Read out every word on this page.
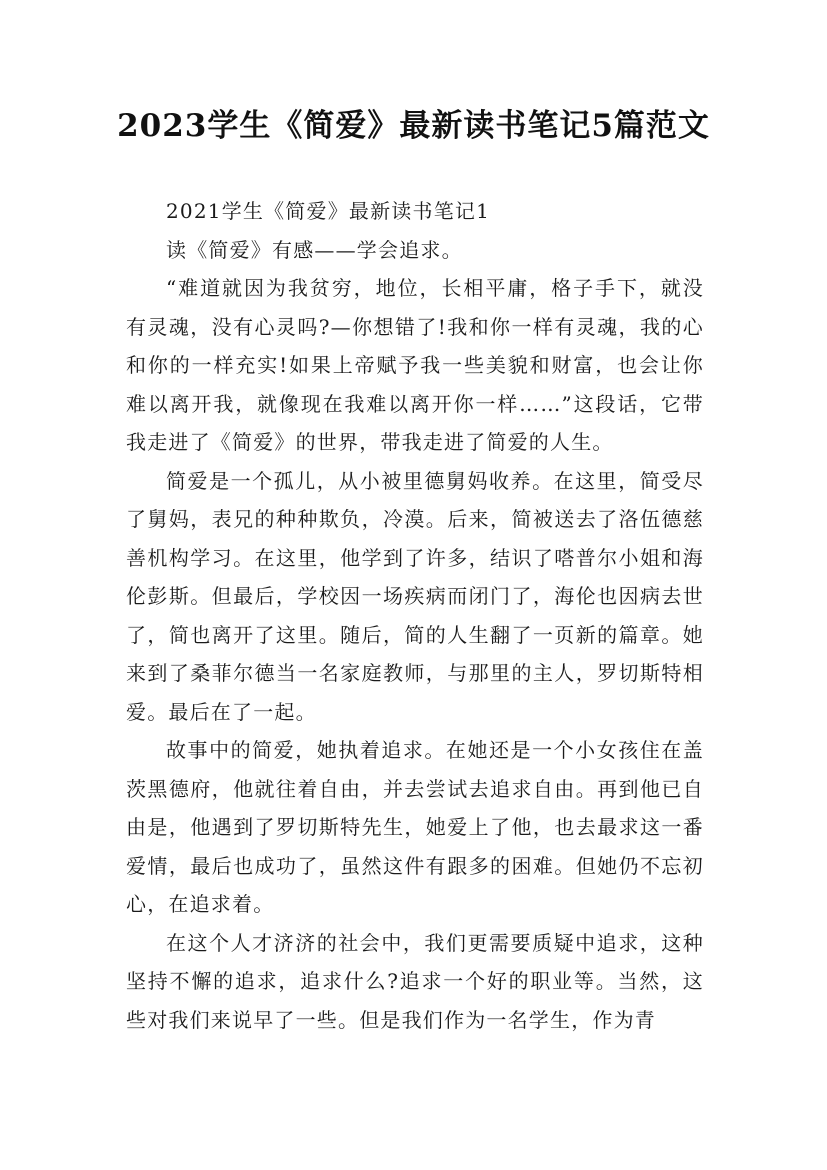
2023学生《简爱》最新读书笔记5篇范文

2021学生《简爱》最新读书笔记1

读《简爱》有感——学会追求。

“难道就因为我贫穷，地位，长相平庸，格子手下，就没有灵魂，没有心灵吗?—你想错了!我和你一样有灵魂，我的心和你的一样充实!如果上帝赋予我一些美貌和财富，也会让你难以离开我，就像现在我难以离开你一样……”这段话，它带我走进了《简爱》的世界，带我走进了简爱的人生。

简爱是一个孤儿，从小被里德舅妈收养。在这里，简受尽了舅妈，表兄的种种欺负，冷漠。后来，简被送去了洛伍德慈善机构学习。在这里，他学到了许多，结识了嗒普尔小姐和海伦彭斯。但最后，学校因一场疾病而闭门了，海伦也因病去世了，简也离开了这里。随后，简的人生翻了一页新的篇章。她来到了桑菲尔德当一名家庭教师，与那里的主人，罗切斯特相爱。最后在了一起。

故事中的简爱，她执着追求。在她还是一个小女孩住在盖茨黑德府，他就往着自由，并去尝试去追求自由。再到他已自由是，他遇到了罗切斯特先生，她爱上了他，也去最求这一番爱情，最后也成功了，虽然这件有跟多的困难。但她仍不忘初心，在追求着。

在这个人才济济的社会中，我们更需要质疑中追求，这种坚持不懈的追求，追求什么?追求一个好的职业等。当然，这些对我们来说早了一些。但是我们作为一名学生，作为青
